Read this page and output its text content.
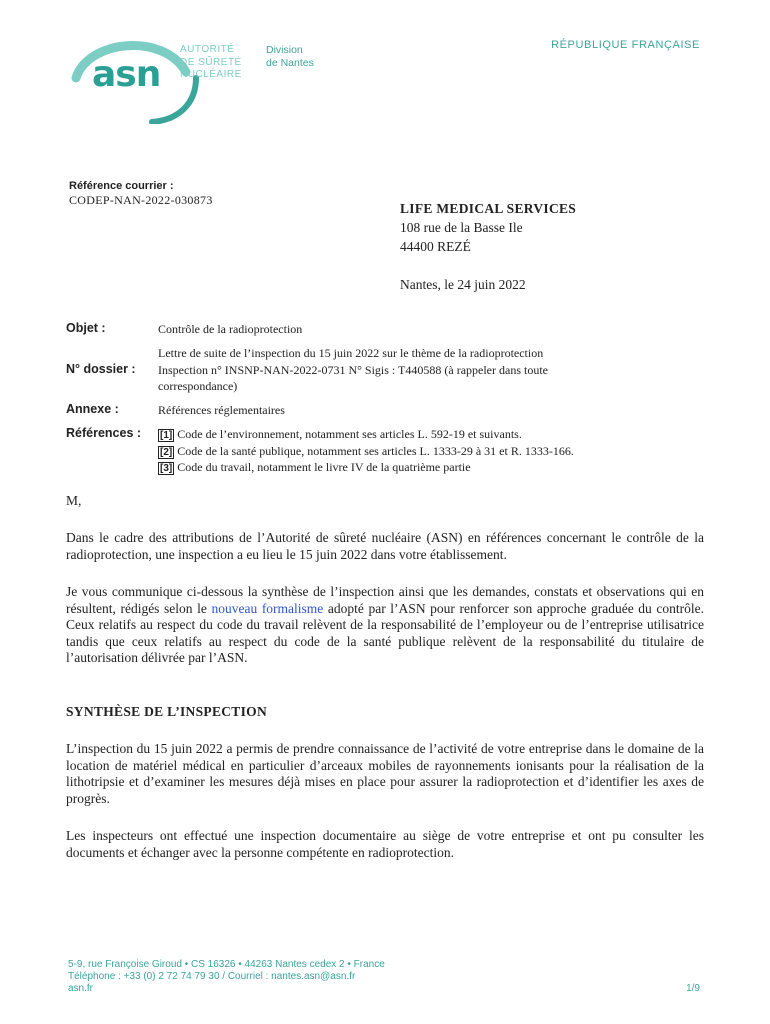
asn
AUTORITÉ
DE SÛRETÉ
NUCLÉAIRE
Division
de Nantes
RÉPUBLIQUE FRANÇAISE
Référence courrier :
CODEP-NAN-2022-030873
LIFE MEDICAL SERVICES
108 rue de la Basse Ile
44400 REZÉ
Nantes, le 24 juin 2022
Objet :	Contrôle de la radioprotection
N° dossier :
Lettre de suite de l’inspection du 15 juin 2022 sur le thème de la radioprotection
Inspection n° INSNP-NAN-2022-0731 N° Sigis : T440588 (à rappeler dans toute
correspondance)
Annexe :	Références réglementaires
Références : [1] Code de l’environnement, notamment ses articles L. 592-19 et suivants.
[2] Code de la santé publique, notamment ses articles L. 1333-29 à 31 et R. 1333-166.
[3] Code du travail, notamment le livre IV de la quatrième partie
M,
Dans le cadre des attributions de l’Autorité de sûreté nucléaire (ASN) en références concernant le contrôle de la radioprotection, une inspection a eu lieu le 15 juin 2022 dans votre établissement.
Je vous communique ci-dessous la synthèse de l’inspection ainsi que les demandes, constats et observations qui en résultent, rédigés selon le nouveau formalisme adopté par l’ASN pour renforcer son approche graduée du contrôle. Ceux relatifs au respect du code du travail relèvent de la responsabilité de l’employeur ou de l’entreprise utilisatrice tandis que ceux relatifs au respect du code de la santé publique relèvent de la responsabilité du titulaire de l’autorisation délivrée par l’ASN.
SYNTHÈSE DE L’INSPECTION
L’inspection du 15 juin 2022 a permis de prendre connaissance de l’activité de votre entreprise dans le domaine de la location de matériel médical en particulier d’arceaux mobiles de rayonnements ionisants pour la réalisation de la lithotripsie et d’examiner les mesures déjà mises en place pour assurer la radioprotection et d’identifier les axes de progrès.
Les inspecteurs ont effectué une inspection documentaire au siège de votre entreprise et ont pu consulter les documents et échanger avec la personne compétente en radioprotection.
5-9, rue Françoise Giroud • CS 16326 • 44263 Nantes cedex 2 • France
Téléphone : +33 (0) 2 72 74 79 30 / Courriel : nantes.asn@asn.fr
asn.fr	1/9
